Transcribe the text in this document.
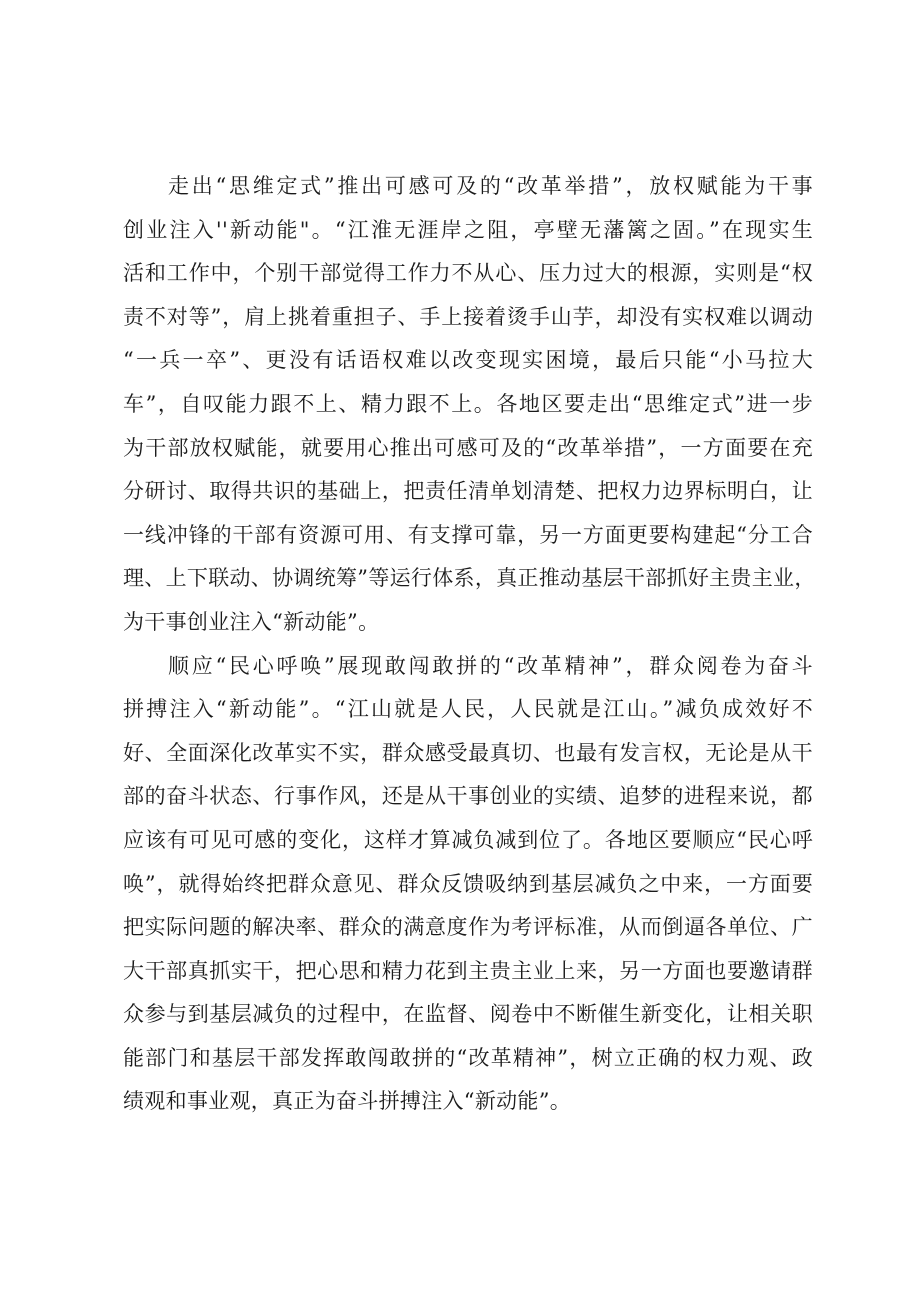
走出“思维定式”推出可感可及的“改革举措”，放权赋能为干事
创业注入''新动能"。“江淮无涯岸之阻，亭壁无藩篱之固。”在现实生
活和工作中，个别干部觉得工作力不从心、压力过大的根源，实则是“权
责不对等”，肩上挑着重担子、手上接着烫手山芋，却没有实权难以调动
“一兵一卒”、更没有话语权难以改变现实困境，最后只能“小马拉大
车”，自叹能力跟不上、精力跟不上。各地区要走出“思维定式”进一步
为干部放权赋能，就要用心推出可感可及的“改革举措”，一方面要在充
分研讨、取得共识的基础上，把责任清单划清楚、把权力边界标明白，让
一线冲锋的干部有资源可用、有支撑可靠，另一方面更要构建起“分工合
理、上下联动、协调统筹”等运行体系，真正推动基层干部抓好主贵主业，
为干事创业注入“新动能”。
顺应“民心呼唤”展现敢闯敢拼的“改革精神”，群众阅卷为奋斗
拼搏注入“新动能”。“江山就是人民，人民就是江山。”减负成效好不
好、全面深化改革实不实，群众感受最真切、也最有发言权，无论是从干
部的奋斗状态、行事作风，还是从干事创业的实绩、追梦的进程来说，都
应该有可见可感的变化，这样才算减负减到位了。各地区要顺应“民心呼
唤”，就得始终把群众意见、群众反馈吸纳到基层减负之中来，一方面要
把实际问题的解决率、群众的满意度作为考评标准，从而倒逼各单位、广
大干部真抓实干，把心思和精力花到主贵主业上来，另一方面也要邀请群
众参与到基层减负的过程中，在监督、阅卷中不断催生新变化，让相关职
能部门和基层干部发挥敢闯敢拼的“改革精神”，树立正确的权力观、政
绩观和事业观，真正为奋斗拼搏注入“新动能”。
